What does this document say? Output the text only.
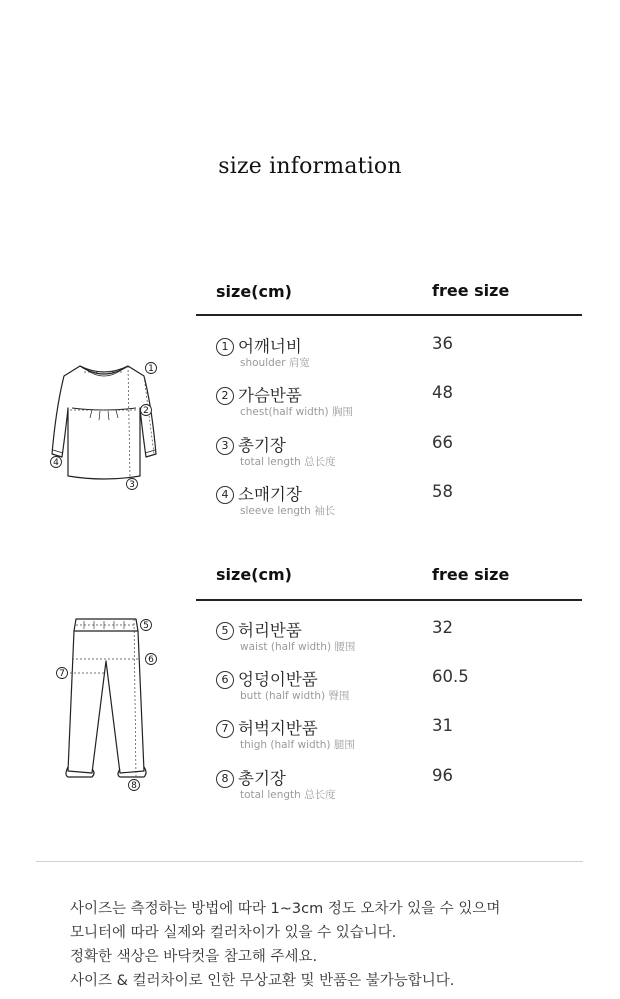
size information
1
2
3
4
5
6
7
8
size(cm)	free size
1 어깨너비
shoulder 肩宽
36
2 가슴반품
chest(half width) 胸围
48
3 총기장
total length 总长度
66
4 소매기장
sleeve length 袖长
58
size(cm)	free size
5 허리반품
waist (half width) 腰围
32
6 엉덩이반품
butt (half width) 臀围
60.5
7 허벅지반품
thigh (half width) 腿围
31
8 총기장
total length 总长度
96
사이즈는 측정하는 방법에 따라 1~3cm 정도 오차가 있을 수 있으며
모니터에 따라 실제와 컬러차이가 있을 수 있습니다.
정확한 색상은 바닥컷을 참고해 주세요.
사이즈 & 컬러차이로 인한 무상교환 및 반품은 불가능합니다.
